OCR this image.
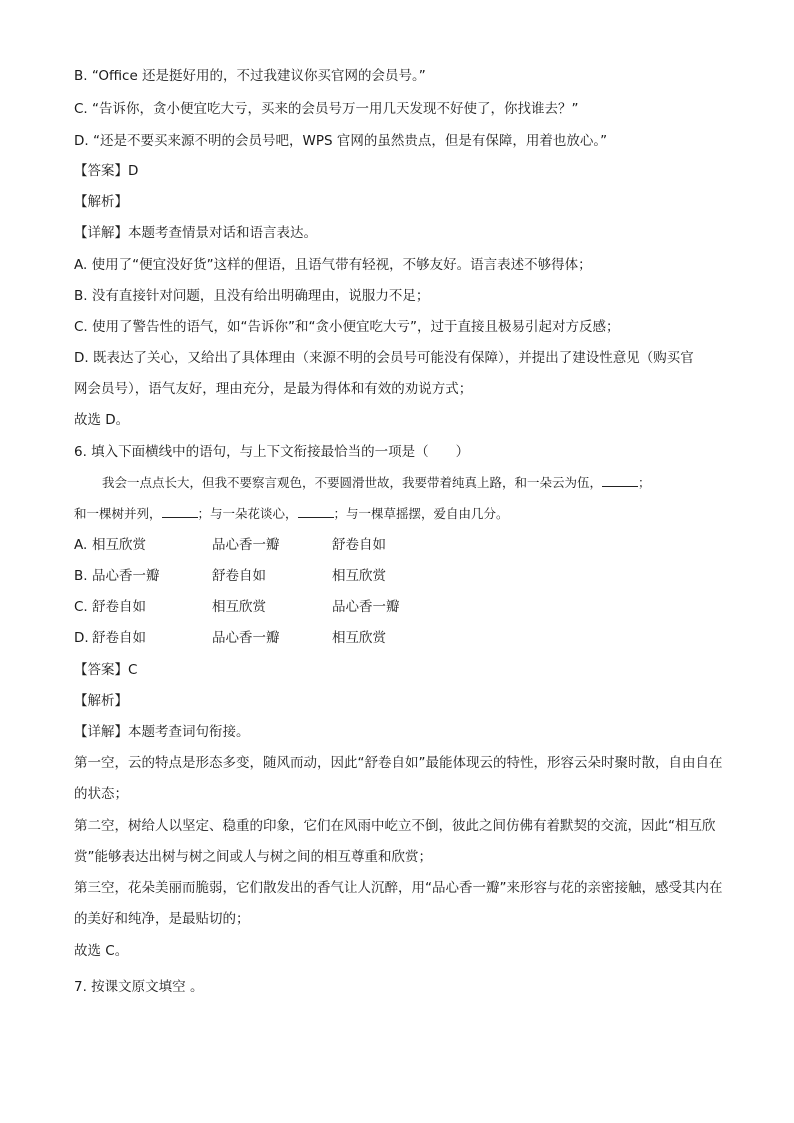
B. “Office 还是挺好用的，不过我建议你买官网的会员号。”
C. “告诉你，贪小便宜吃大亏，买来的会员号万一用几天发现不好使了，你找谁去？”
D. “还是不要买来源不明的会员号吧，WPS 官网的虽然贵点，但是有保障，用着也放心。”
【答案】D
【解析】
【详解】本题考查情景对话和语言表达。
A. 使用了“便宜没好货”这样的俚语，且语气带有轻视，不够友好。语言表述不够得体；
B. 没有直接针对问题，且没有给出明确理由，说服力不足；
C. 使用了警告性的语气，如“告诉你”和“贪小便宜吃大亏”，过于直接且极易引起对方反感；
D. 既表达了关心，又给出了具体理由（来源不明的会员号可能没有保障），并提出了建设性意见（购买官
网会员号），语气友好，理由充分，是最为得体和有效的劝说方式；
故选 D。
6. 填入下面横线中的语句，与上下文衔接最恰当的一项是（　　）
我会一点点长大，但我不要察言观色，不要圆滑世故，我要带着纯真上路，和一朵云为伍，	；
和一棵树并列，	；与一朵花谈心，	；与一棵草摇摆，爱自由几分。
A. 相互欣赏	品心香一瓣	舒卷自如
B. 品心香一瓣	舒卷自如	相互欣赏
C. 舒卷自如	相互欣赏	品心香一瓣
D. 舒卷自如	品心香一瓣	相互欣赏
【答案】C
【解析】
【详解】本题考查词句衔接。
第一空，云的特点是形态多变，随风而动，因此“舒卷自如”最能体现云的特性，形容云朵时聚时散，自由自在的状态；
第二空，树给人以坚定、稳重的印象，它们在风雨中屹立不倒，彼此之间仿佛有着默契的交流，因此“相互欣赏”能够表达出树与树之间或人与树之间的相互尊重和欣赏；
第三空，花朵美丽而脆弱，它们散发出的香气让人沉醉，用“品心香一瓣”来形容与花的亲密接触，感受其内在的美好和纯净，是最贴切的；
故选 C。
7. 按课文原文填空 。
